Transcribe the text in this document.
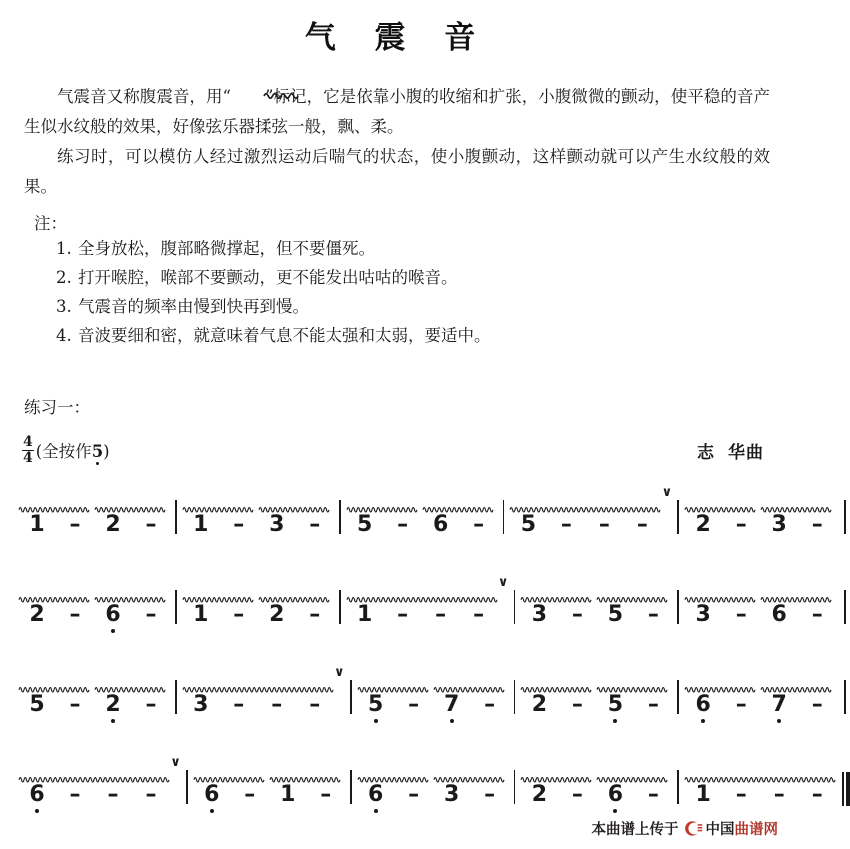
气 震 音

气震音又称腹震音，用“ ”标记，它是依靠小腹的收缩和扩张，小腹微微的颤动，使平稳的音产生似水纹般的效果，好像弦乐器揉弦一般，飘、柔。

练习时，可以模仿人经过激烈运动后喘气的状态，使小腹颤动，这样颤动就可以产生水纹般的效果。

注：
1. 全身放松，腹部略微撑起，但不要僵死。
2. 打开喉腔，喉部不要颤动，更不能发出咕咕的喉音。
3. 气震音的频率由慢到快再到慢。
4. 音波要细和密，就意味着气息不能太强和太弱，要适中。
练习一：
$\frac{4}{4}$ (全按作5)	志 华曲
1	–	2	–	1	–	3	–	5	–	6	–	5	–	–	–
∨
2	–	3	–
2	–	6	–	1	–	2	–	1	–	–	–
∨
3	–	5	–	3	–	6	–
5	–	2	–	3	–	–	–
∨
5	–	7	–	2	–	5	–	6	–	7	–
6	–	–	–
∨
6	–	1	–	6	–	3	–	2	–	6	–	1	–	–	–
本曲谱上传于 中国 曲谱网
